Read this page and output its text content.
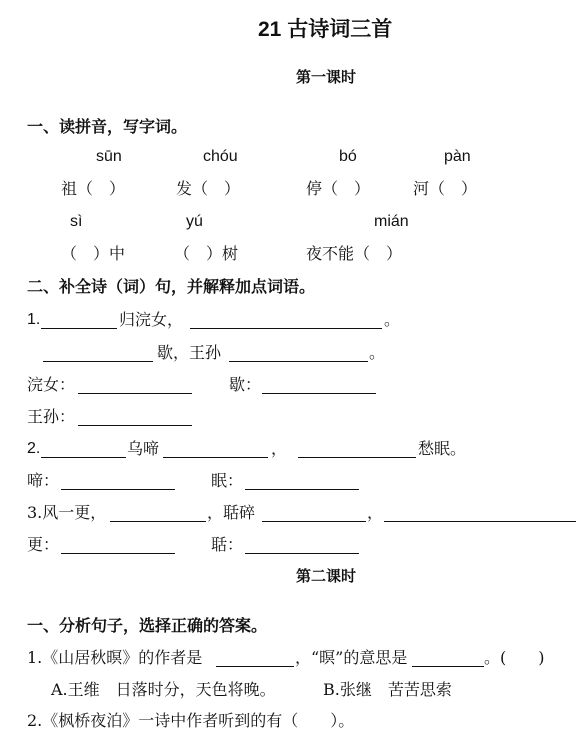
21 古诗词三首
第一课时
一、读拼音，写字词。
sūn	chóu	bó	pàn
祖（　）	发（　）	停（　）	河（　）
sì	yú	mián
（　）中	（　）树	夜不能（　）
二、补全诗（词）句，并解释加点词语。
1.	归浣女，	。
歇，王孙	。
浣女：	歇：
王孙：
2.	乌啼	，	愁眠。
啼：	眠：
3.风一更，	，聒碎	，
更：	聒：
第二课时
一、分析句子，选择正确的答案。
1.《山居秋暝》的作者是	，“暝”的意思是	。(　　)
A.王维　日落时分，天色将晚。	B.张继　苦苦思索
2.《枫桥夜泊》一诗中作者听到的有（　　）。
